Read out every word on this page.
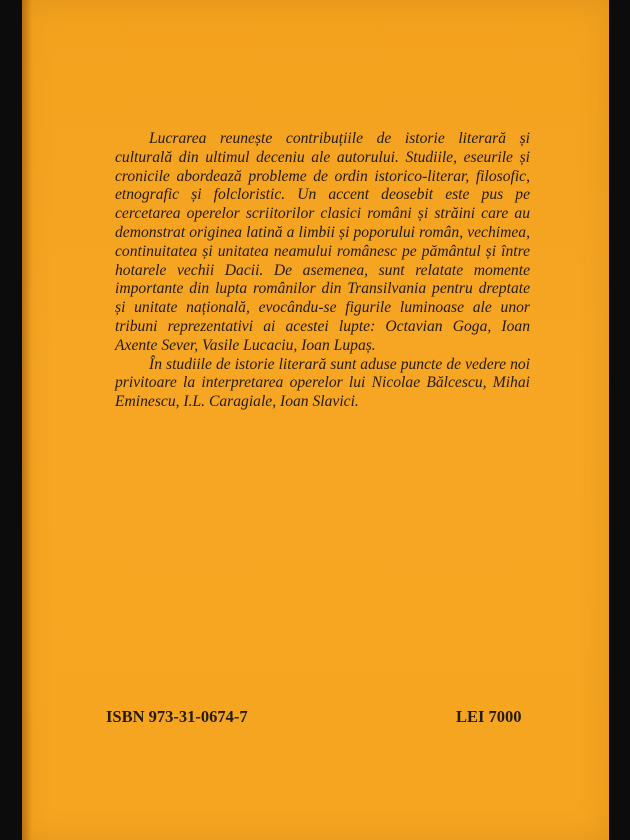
Lucrarea reunește contribuțiile de istorie literară și culturală din ultimul deceniu ale autorului. Studiile, eseurile și cronicile abordează probleme de ordin istorico-literar, filosofic, etnografic și folcloristic. Un accent deosebit este pus pe cercetarea operelor scriitorilor clasici români și străini care au demonstrat originea latină a limbii și poporului român, vechimea, continuitatea și unitatea neamului românesc pe pământul și între hotarele vechii Dacii. De asemenea, sunt relatate momente importante din lupta românilor din Transilvania pentru dreptate și unitate națională, evocându-se figurile luminoase ale unor tribuni reprezentativi ai acestei lupte: Octavian Goga, Ioan Axente Sever, Vasile Lucaciu, Ioan Lupaș.

În studiile de istorie literară sunt aduse puncte de vedere noi privitoare la interpretarea operelor lui Nicolae Bălcescu, Mihai Eminescu, I.L. Caragiale, Ioan Slavici.

ISBN 973-31-0674-7	LEI 7000
